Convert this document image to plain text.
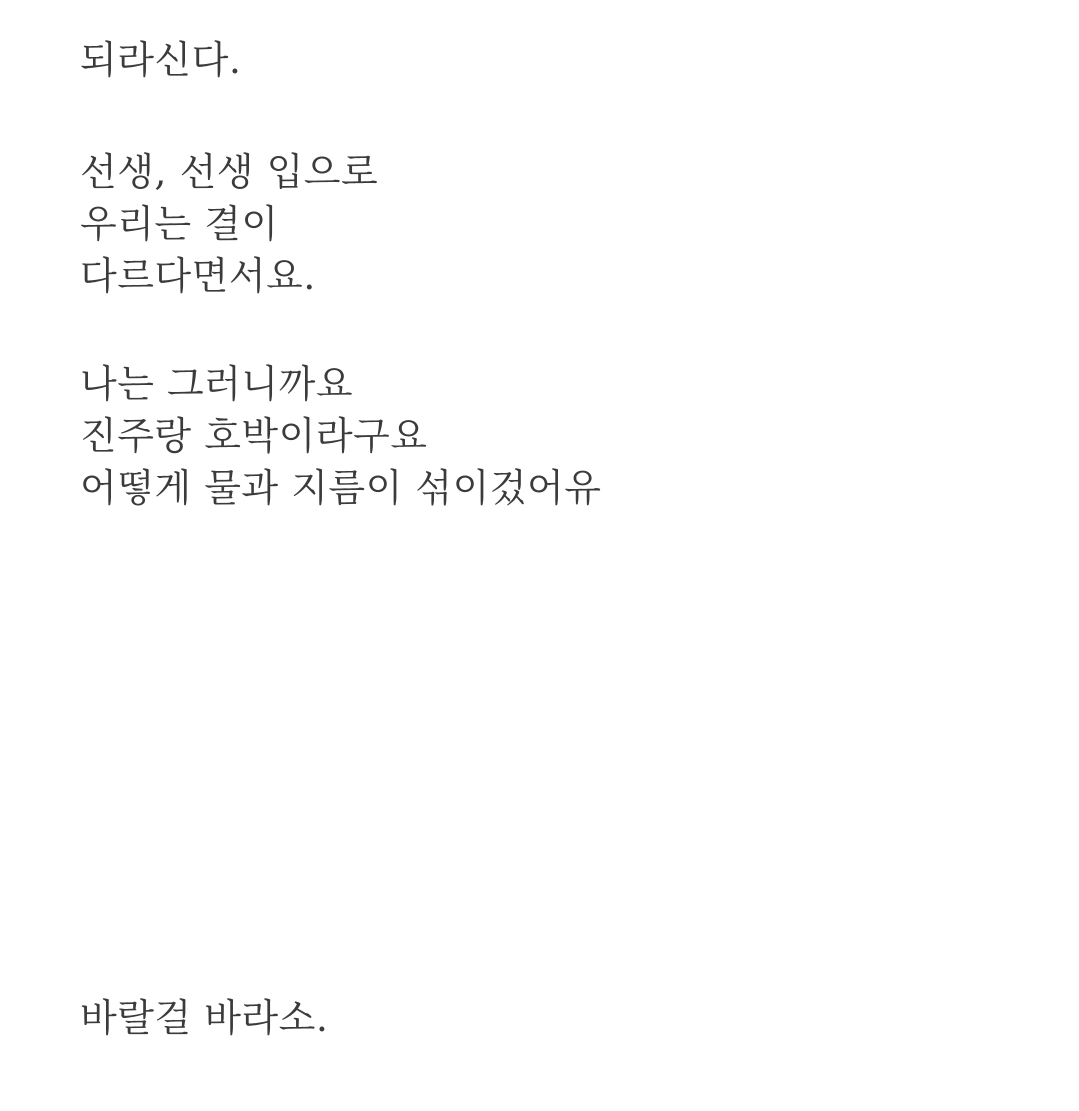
되라신다.

선생, 선생 입으로

우리는 결이

다르다면서요.

나는 그러니까요

진주랑 호박이라구요

어떻게 물과 지름이 섞이겄어유

바랄걸 바라소.
